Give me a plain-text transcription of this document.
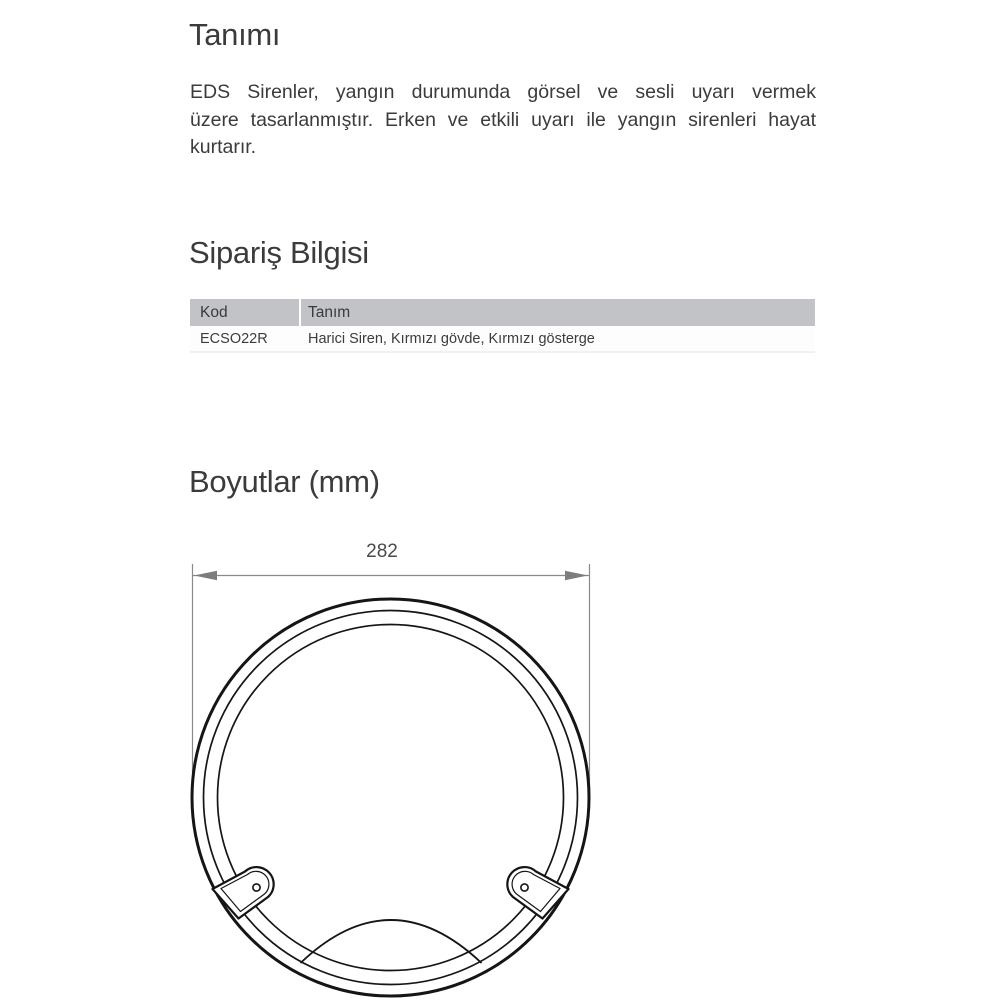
Tanımı
EDS Sirenler, yangın durumunda görsel ve sesli uyarı vermek
üzere tasarlanmıştır. Erken ve etkili uyarı ile yangın sirenleri hayat
kurtarır.
Sipariş Bilgisi
Kod	Tanım
ECSO22R	Harici Siren, Kırmızı gövde, Kırmızı gösterge
Boyutlar (mm)
282
